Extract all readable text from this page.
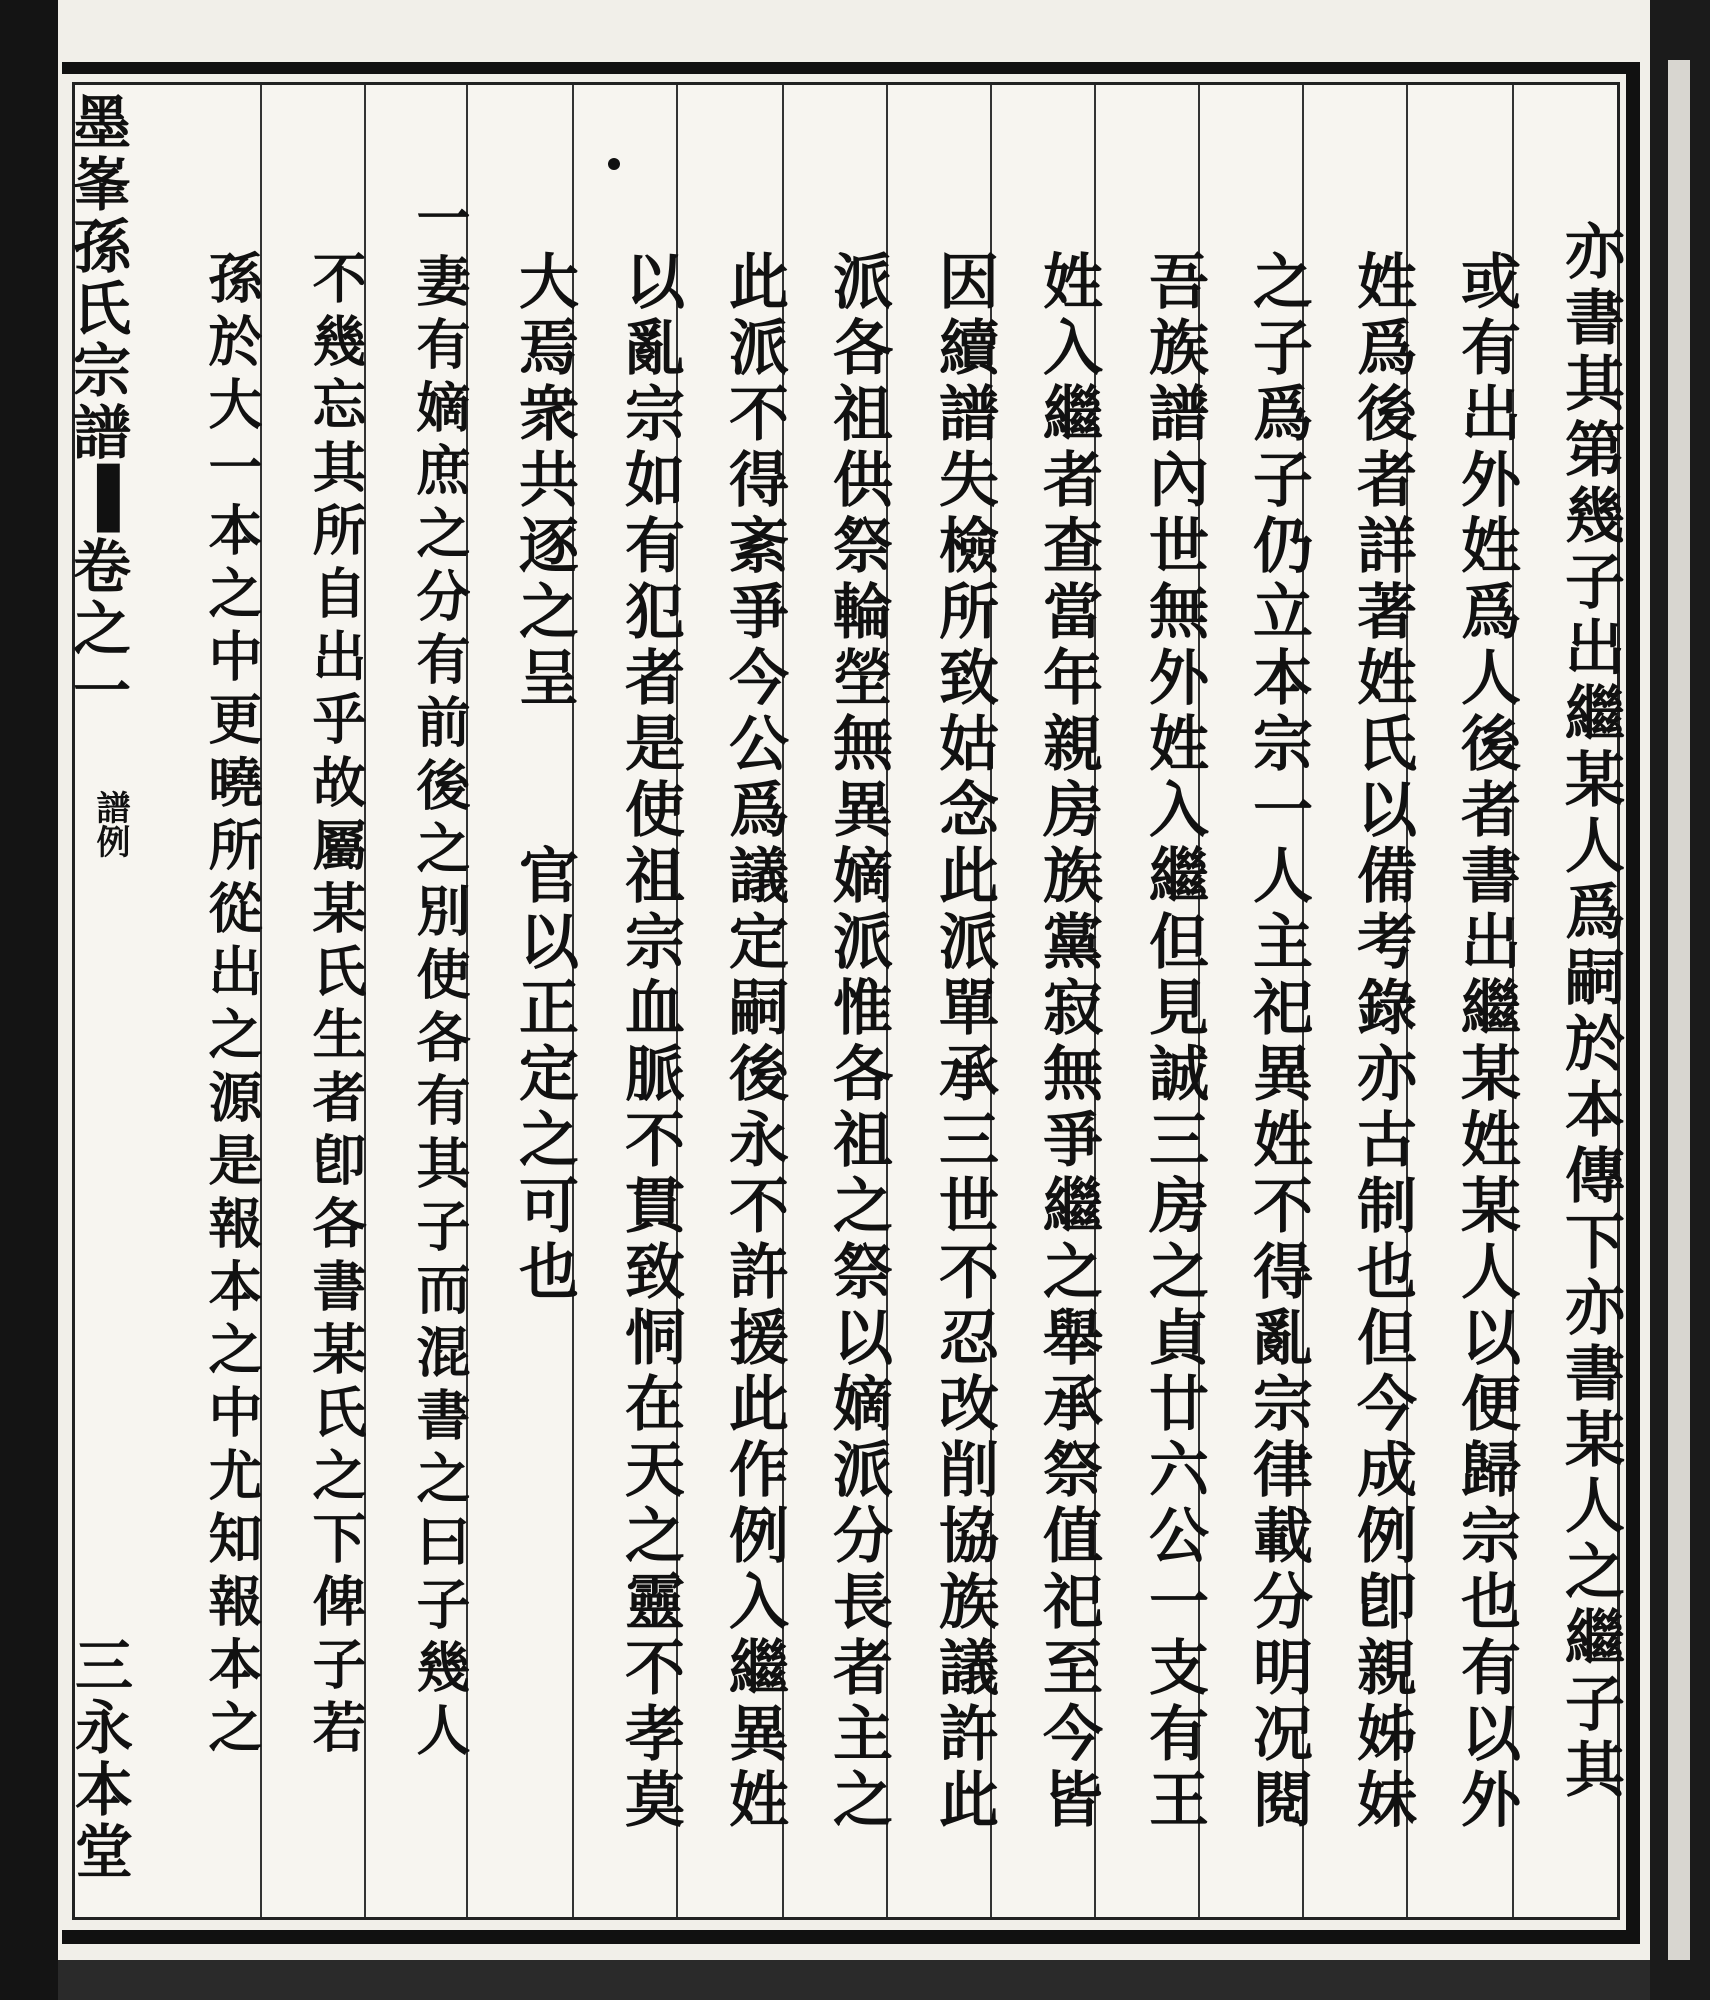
墨峯孫氏宗譜▐卷之一
譜例
三永本堂	亦書其第幾子出繼某人爲嗣於本傳下亦書某人之繼子其
或有出外姓爲人後者書出繼某姓某人以便歸宗也有以外
姓爲後者詳著姓氏以備考錄亦古制也但今成例卽親姊妹
之子爲子仍立本宗一人主祀異姓不得亂宗律載分明况閱
吾族譜內世無外姓入繼但見誠三房之貞廿六公一支有王
姓入繼者查當年親房族黨寂無爭繼之舉承祭值祀至今皆
因續譜失檢所致姑念此派單承三世不忍改削協族議許此
派各祖供祭輪塋無異嫡派惟各祖之祭以嫡派分長者主之
此派不得紊爭今公爲議定嗣後永不許援此作例入繼異姓
以亂宗如有犯者是使祖宗血脈不貫致恫在天之靈不孝莫
大焉衆共逐之呈　　官以正定之可也
一妻有嫡庶之分有前後之別使各有其子而混書之曰子幾人
不幾忘其所自出乎故屬某氏生者卽各書某氏之下俾子若
孫於大一本之中更曉所從出之源是報本之中尤知報本之
